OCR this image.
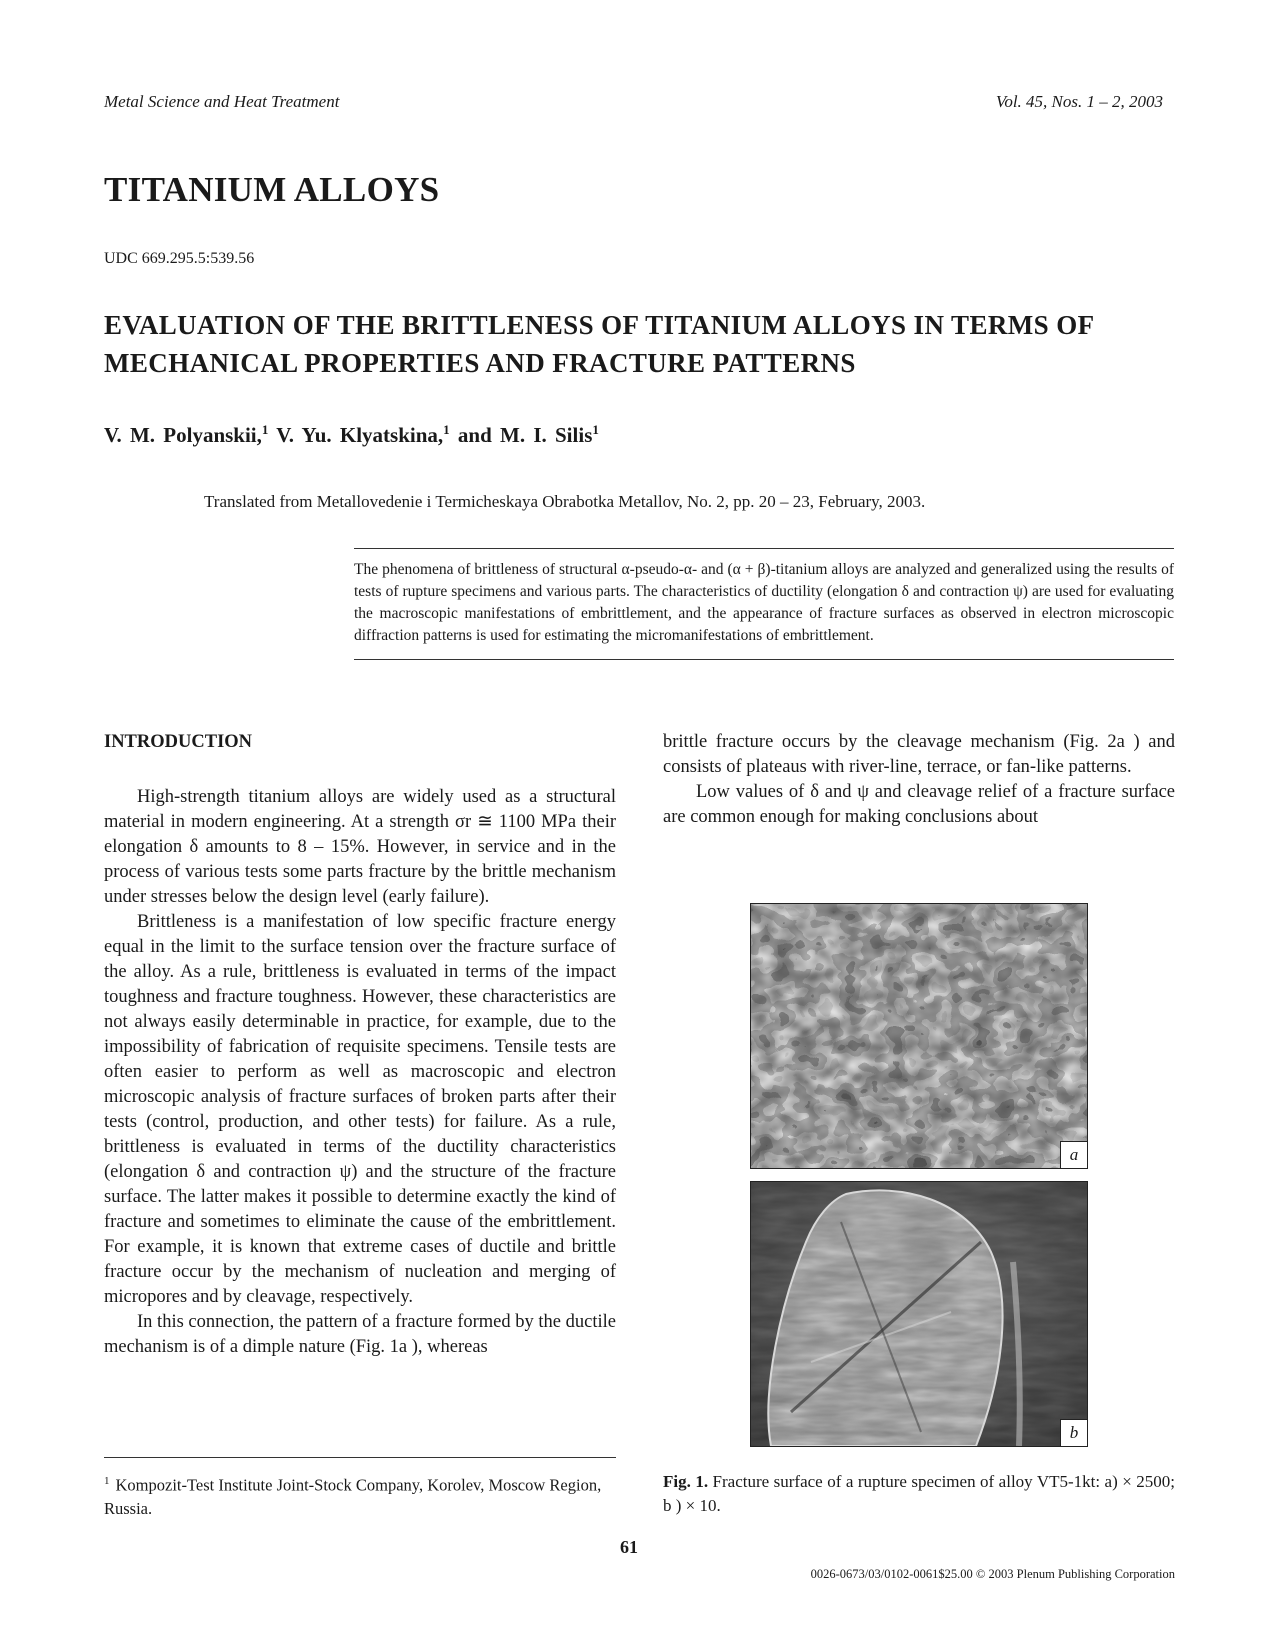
Metal Science and Heat Treatment	Vol. 45, Nos. 1 – 2, 2003
TITANIUM ALLOYS
UDC 669.295.5:539.56
EVALUATION OF THE BRITTLENESS OF TITANIUM ALLOYS IN TERMS OF MECHANICAL PROPERTIES AND FRACTURE PATTERNS
V. M. Polyanskii,$^1$ V. Yu. Klyatskina,$^1$ and M. I. Silis$^1$
Translated from Metallovedenie i Termicheskaya Obrabotka Metallov, No. 2, pp. 20 – 23, February, 2003.
The phenomena of brittleness of structural α-pseudo-α- and (α + β)-titanium alloys are analyzed and generalized using the results of tests of rupture specimens and various parts. The characteristics of ductility (elongation δ and contraction ψ) are used for evaluating the macroscopic manifestations of embrittlement, and the appearance of fracture surfaces as observed in electron microscopic diffraction patterns is used for estimating the micromanifestations of embrittlement.
INTRODUCTION

High-strength titanium alloys are widely used as a structural material in modern engineering. At a strength σr ≅ 1100 MPa their elongation δ amounts to 8 – 15%. However, in service and in the process of various tests some parts fracture by the brittle mechanism under stresses below the design level (early failure).

Brittleness is a manifestation of low specific fracture energy equal in the limit to the surface tension over the fracture surface of the alloy. As a rule, brittleness is evaluated in terms of the impact toughness and fracture toughness. However, these characteristics are not always easily determinable in practice, for example, due to the impossibility of fabrication of requisite specimens. Tensile tests are often easier to perform as well as macroscopic and electron microscopic analysis of fracture surfaces of broken parts after their tests (control, production, and other tests) for failure. As a rule, brittleness is evaluated in terms of the ductility characteristics (elongation δ and contraction ψ) and the structure of the fracture surface. The latter makes it possible to determine exactly the kind of fracture and sometimes to eliminate the cause of the embrittlement. For example, it is known that extreme cases of ductile and brittle fracture occur by the mechanism of nucleation and merging of micropores and by cleavage, respectively.

In this connection, the pattern of a fracture formed by the ductile mechanism is of a dimple nature (Fig. 1a ), whereas

brittle fracture occurs by the cleavage mechanism (Fig. 2a ) and consists of plateaus with river-line, terrace, or fan-like patterns.

Low values of δ and ψ and cleavage relief of a fracture surface are common enough for making conclusions about

a
b
Fig. 1. Fracture surface of a rupture specimen of alloy VT5-1kt: a) × 2500; b ) × 10.
$^1$ Kompozit-Test Institute Joint-Stock Company, Korolev, Moscow Region, Russia.
61
0026-0673/03/0102-0061$25.00 © 2003 Plenum Publishing Corporation
